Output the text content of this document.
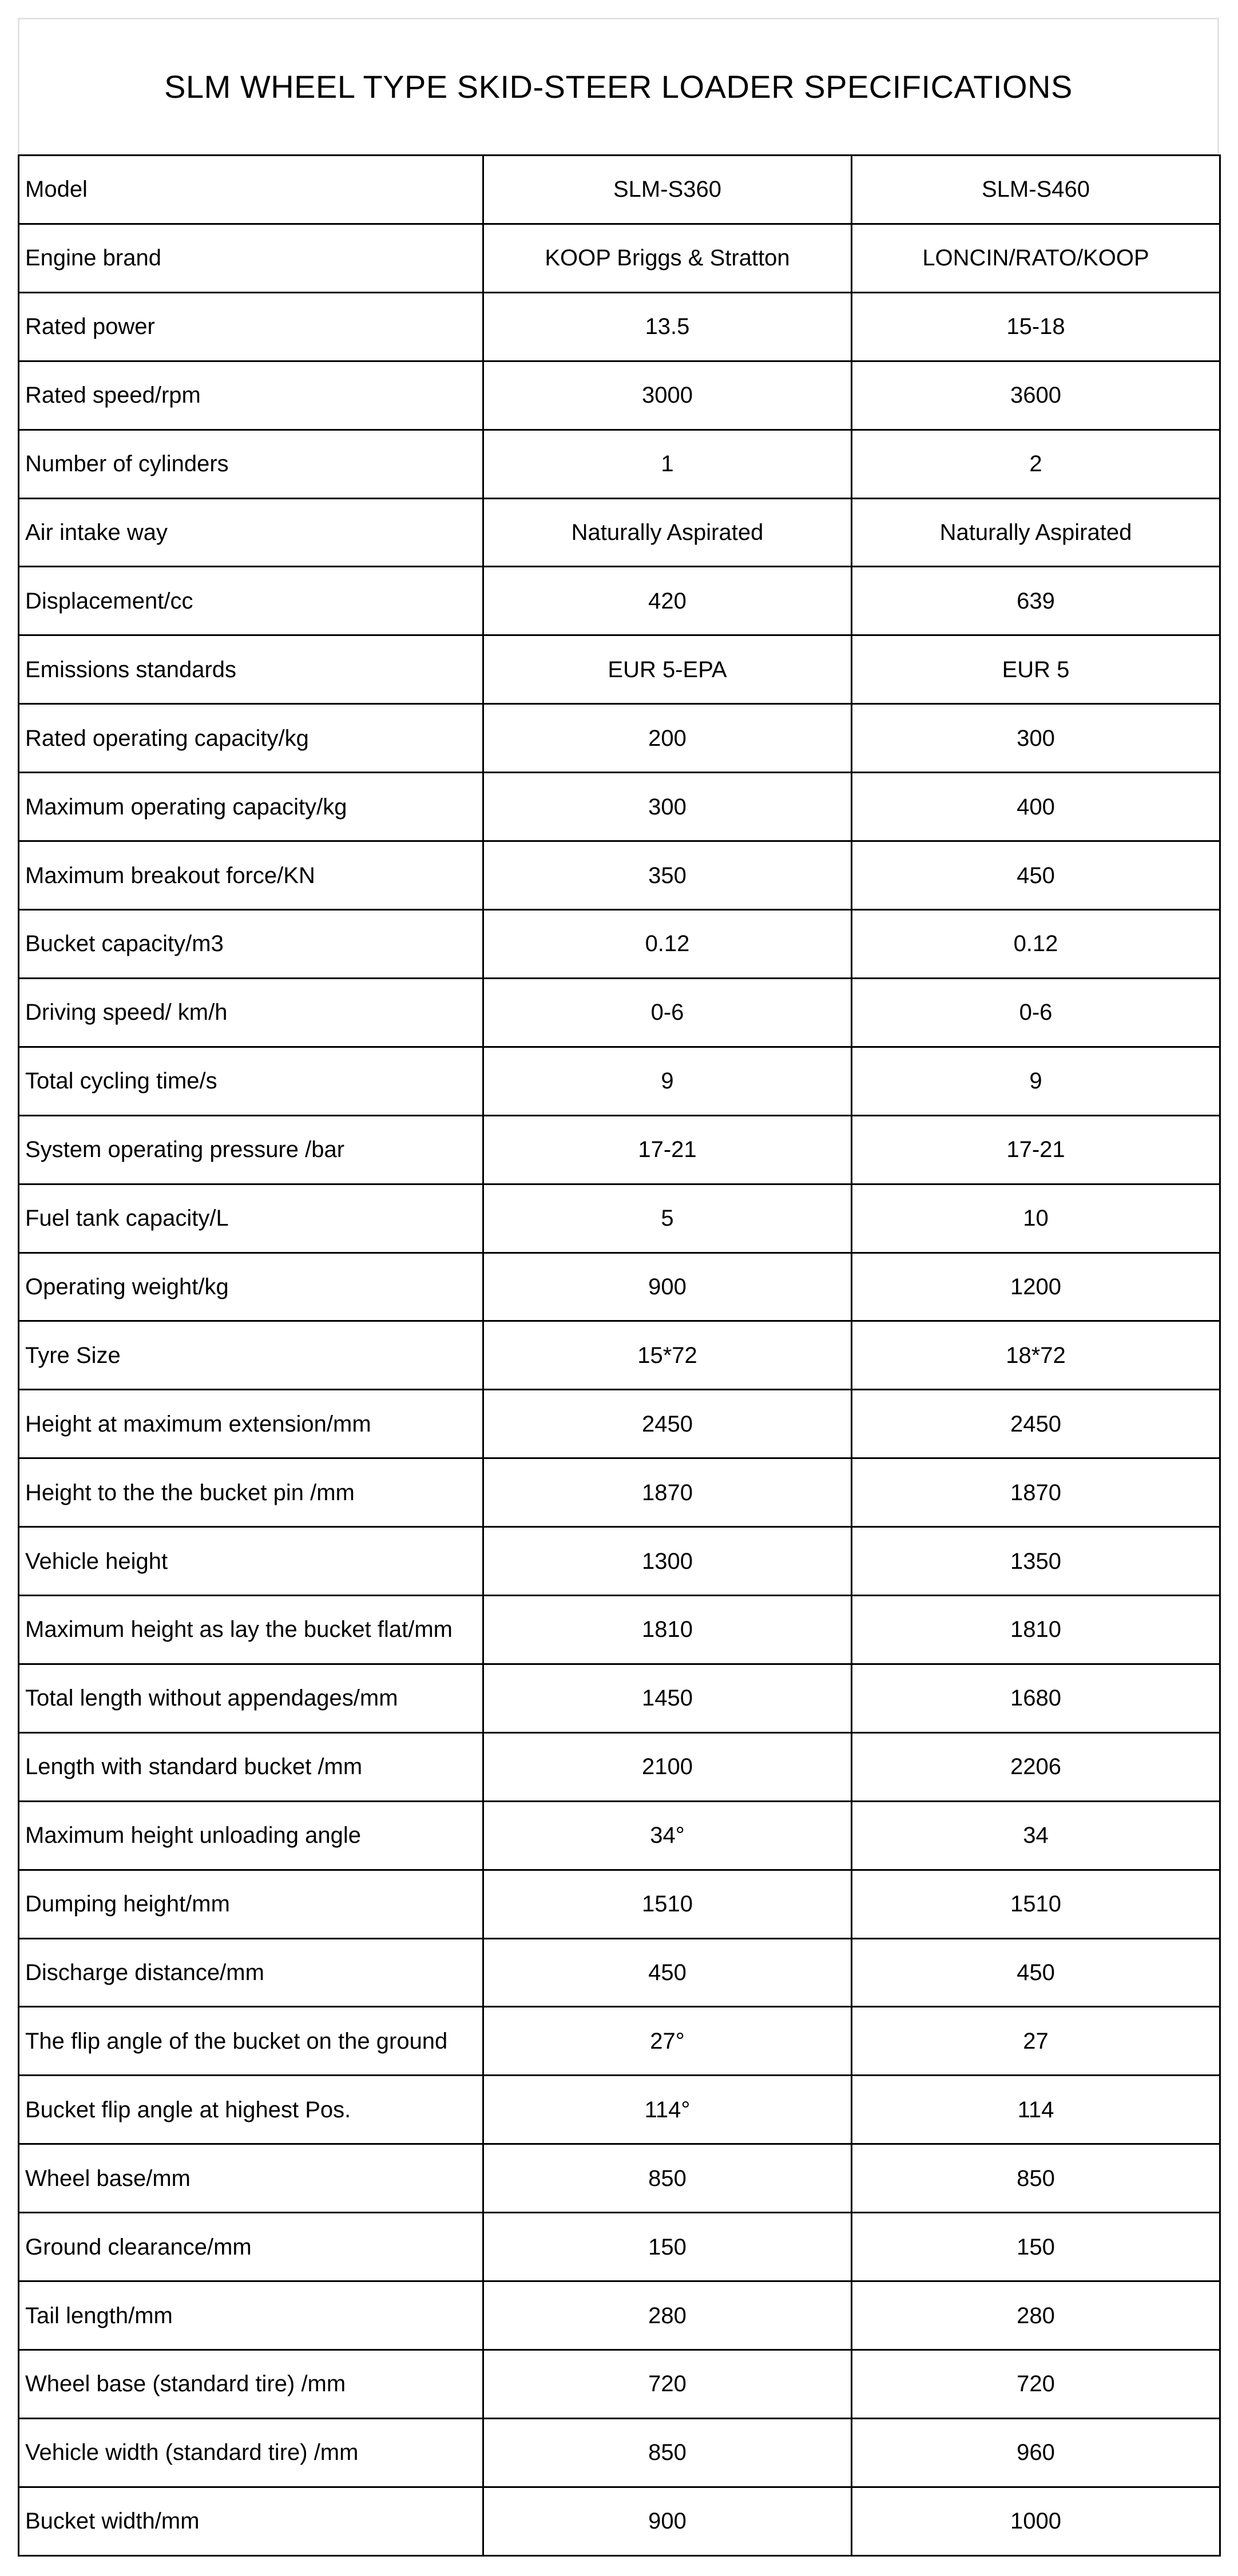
SLM WHEEL TYPE SKID-STEER LOADER SPECIFICATIONS
Model	SLM-S360	SLM-S460
Engine brand	KOOP Briggs & Stratton	LONCIN/RATO/KOOP
Rated power	13.5	15-18
Rated speed/rpm	3000	3600
Number of cylinders	1	2
Air intake way	Naturally Aspirated	Naturally Aspirated
Displacement/cc	420	639
Emissions standards	EUR 5-EPA	EUR 5
Rated operating capacity/kg	200	300
Maximum operating capacity/kg	300	400
Maximum breakout force/KN	350	450
Bucket capacity/m3	0.12	0.12
Driving speed/ km/h	0-6	0-6
Total cycling time/s	9	9
System operating pressure /bar	17-21	17-21
Fuel tank capacity/L	5	10
Operating weight/kg	900	1200
Tyre Size	15*72	18*72
Height at maximum extension/mm	2450	2450
Height to the the bucket pin /mm	1870	1870
Vehicle height	1300	1350
Maximum height as lay the bucket flat/mm	1810	1810
Total length without appendages/mm	1450	1680
Length with standard bucket /mm	2100	2206
Maximum height unloading angle	34°	34
Dumping height/mm	1510	1510
Discharge distance/mm	450	450
The flip angle of the bucket on the ground	27°	27
Bucket flip angle at highest Pos.	114°	114
Wheel base/mm	850	850
Ground clearance/mm	150	150
Tail length/mm	280	280
Wheel base (standard tire) /mm	720	720
Vehicle width (standard tire) /mm	850	960
Bucket width/mm	900	1000
